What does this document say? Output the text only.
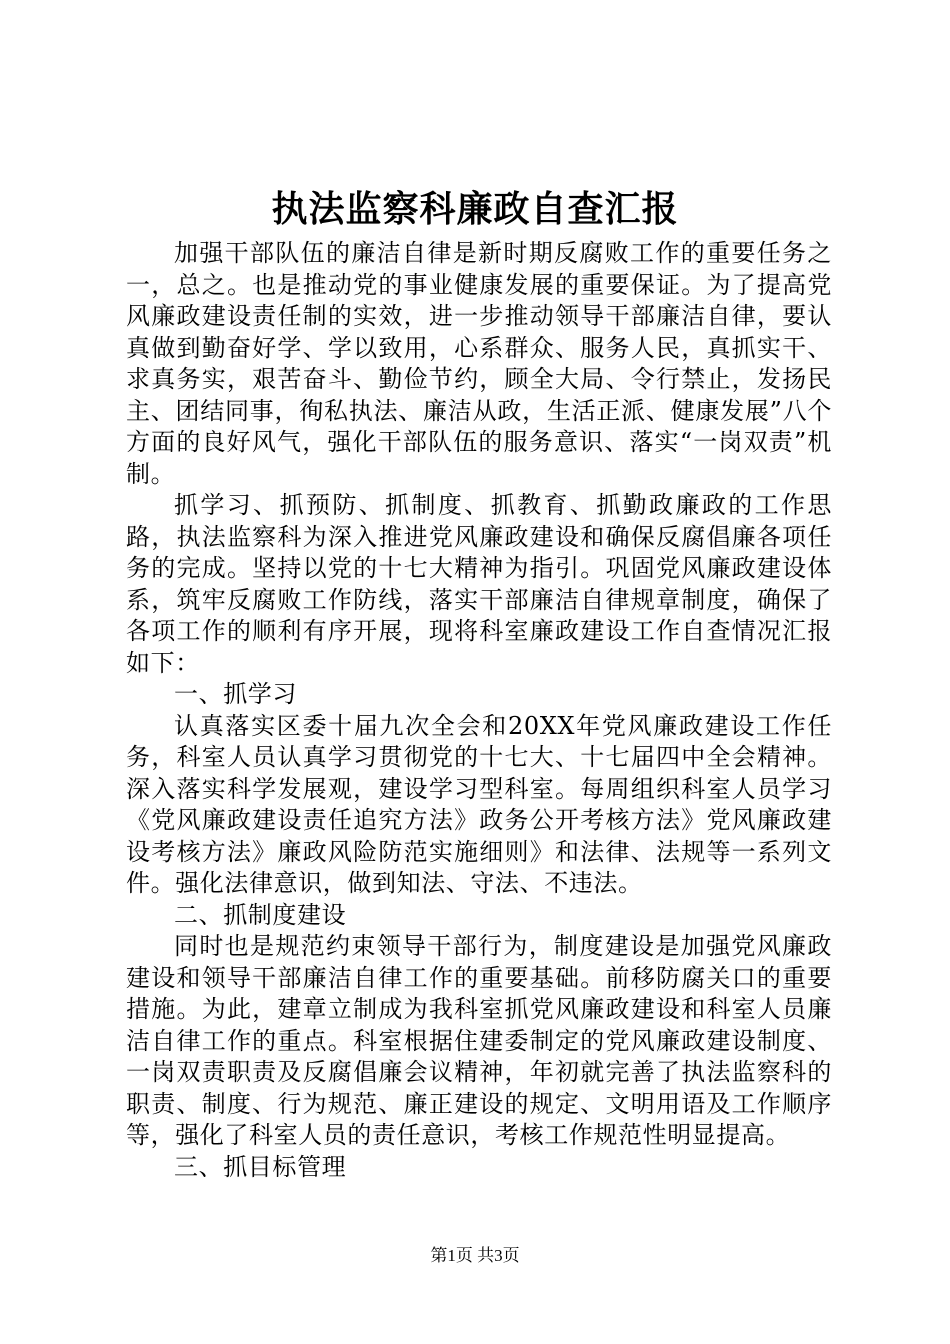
执法监察科廉政自查汇报

加强干部队伍的廉洁自律是新时期反腐败工作的重要任务之一，总之。也是推动党的事业健康发展的重要保证。为了提高党风廉政建设责任制的实效，进一步推动领导干部廉洁自律，要认真做到勤奋好学、学以致用，心系群众、服务人民，真抓实干、求真务实，艰苦奋斗、勤俭节约，顾全大局、令行禁止，发扬民主、团结同事，徇私执法、廉洁从政，生活正派、健康发展”八个方面的良好风气，强化干部队伍的服务意识、落实“一岗双责”机制。

抓学习、抓预防、抓制度、抓教育、抓勤政廉政的工作思路，执法监察科为深入推进党风廉政建设和确保反腐倡廉各项任务的完成。坚持以党的十七大精神为指引。巩固党风廉政建设体系，筑牢反腐败工作防线，落实干部廉洁自律规章制度，确保了各项工作的顺利有序开展，现将科室廉政建设工作自查情况汇报如下：

一、抓学习

认真落实区委十届九次全会和20XX年党风廉政建设工作任务，科室人员认真学习贯彻党的十七大、十七届四中全会精神。深入落实科学发展观，建设学习型科室。每周组织科室人员学习《党风廉政建设责任追究方法》政务公开考核方法》党风廉政建设考核方法》廉政风险防范实施细则》和法律、法规等一系列文件。强化法律意识，做到知法、守法、不违法。

二、抓制度建设

同时也是规范约束领导干部行为，制度建设是加强党风廉政建设和领导干部廉洁自律工作的重要基础。前移防腐关口的重要措施。为此，建章立制成为我科室抓党风廉政建设和科室人员廉洁自律工作的重点。科室根据住建委制定的党风廉政建设制度、一岗双责职责及反腐倡廉会议精神，年初就完善了执法监察科的职责、制度、行为规范、廉正建设的规定、文明用语及工作顺序等，强化了科室人员的责任意识，考核工作规范性明显提高。

三、抓目标管理

第1页 共3页
